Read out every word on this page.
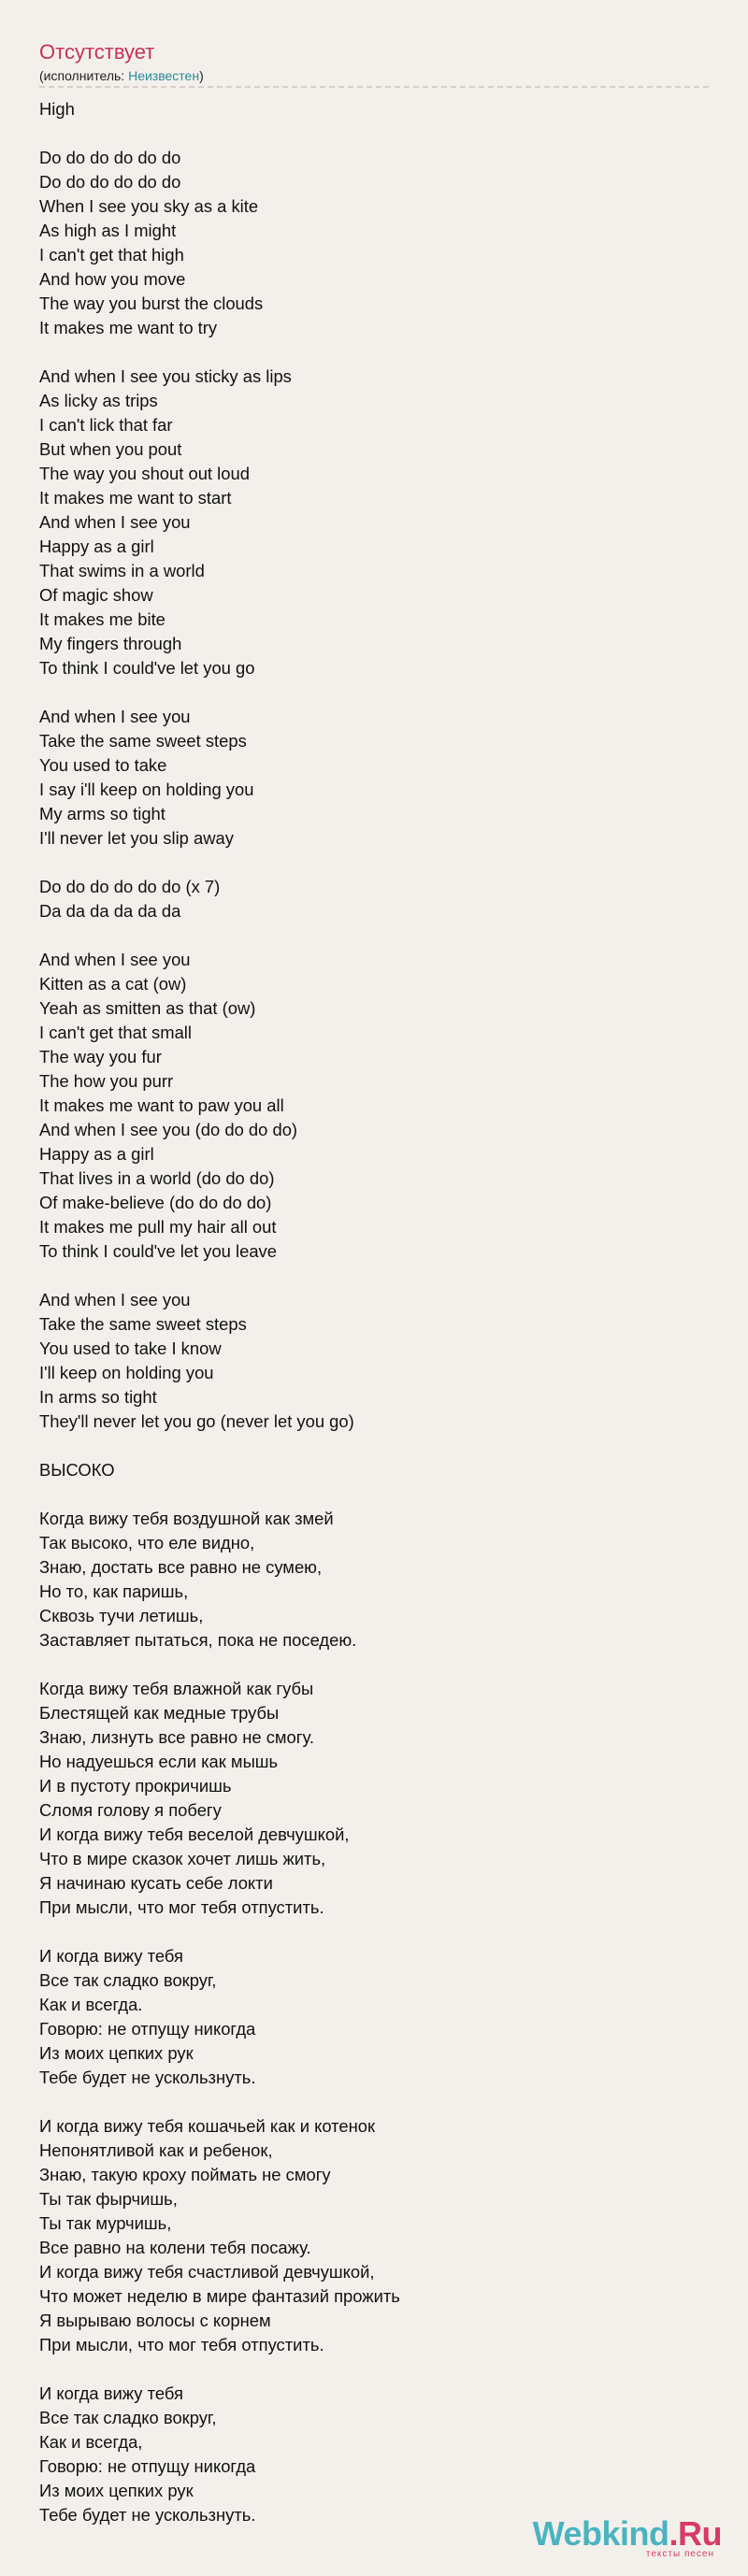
Отсутствует
(исполнитель: Неизвестен)
High
Do do do do do do
Do do do do do do
When I see you sky as a kite
As high as I might
I can't get that high
And how you move
The way you burst the clouds
It makes me want to try
And when I see you sticky as lips
As licky as trips
I can't lick that far
But when you pout
The way you shout out loud
It makes me want to start
And when I see you
Happy as a girl
That swims in a world
Of magic show
It makes me bite
My fingers through
To think I could've let you go
And when I see you
Take the same sweet steps
You used to take
I say i'll keep on holding you
My arms so tight
I'll never let you slip away
Do do do do do do (x 7)
Da da da da da da
And when I see you
Kitten as a cat (ow)
Yeah as smitten as that (ow)
I can't get that small
The way you fur
The how you purr
It makes me want to paw you all
And when I see you (do do do do)
Happy as a girl
That lives in a world (do do do)
Of make-believe (do do do do)
It makes me pull my hair all out
To think I could've let you leave
And when I see you
Take the same sweet steps
You used to take I know
I'll keep on holding you
In arms so tight
They'll never let you go (never let you go)
ВЫСОКО
Когда вижу тебя воздушной как змей
Так высоко, что еле видно,
Знаю, достать все равно не сумею,
Но то, как паришь,
Сквозь тучи летишь,
Заставляет пытаться, пока не поседею.
Когда вижу тебя влажной как губы
Блестящей как медные трубы
Знаю, лизнуть все равно не смогу.
Но надуешься если как мышь
И в пустоту прокричишь
Сломя голову я побегу
И когда вижу тебя веселой девчушкой,
Что в мире сказок хочет лишь жить,
Я начинаю кусать себе локти
При мысли, что мог тебя отпустить.
И когда вижу тебя
Все так сладко вокруг,
Как и всегда.
Говорю: не отпущу никогда
Из моих цепких рук
Тебе будет не ускользнуть.
И когда вижу тебя кошачьей как и котенок
Непонятливой как и ребенок,
Знаю, такую кроху поймать не смогу
Ты так фырчишь,
Ты так мурчишь,
Все равно на колени тебя посажу.
И когда вижу тебя счастливой девчушкой,
Что может неделю в мире фантазий прожить
Я вырываю волосы с корнем
При мысли, что мог тебя отпустить.
И когда вижу тебя
Все так сладко вокруг,
Как и всегда,
Говорю: не отпущу никогда
Из моих цепких рук
Тебе будет не ускользнуть.	Webkind.Ru
тексты песен
